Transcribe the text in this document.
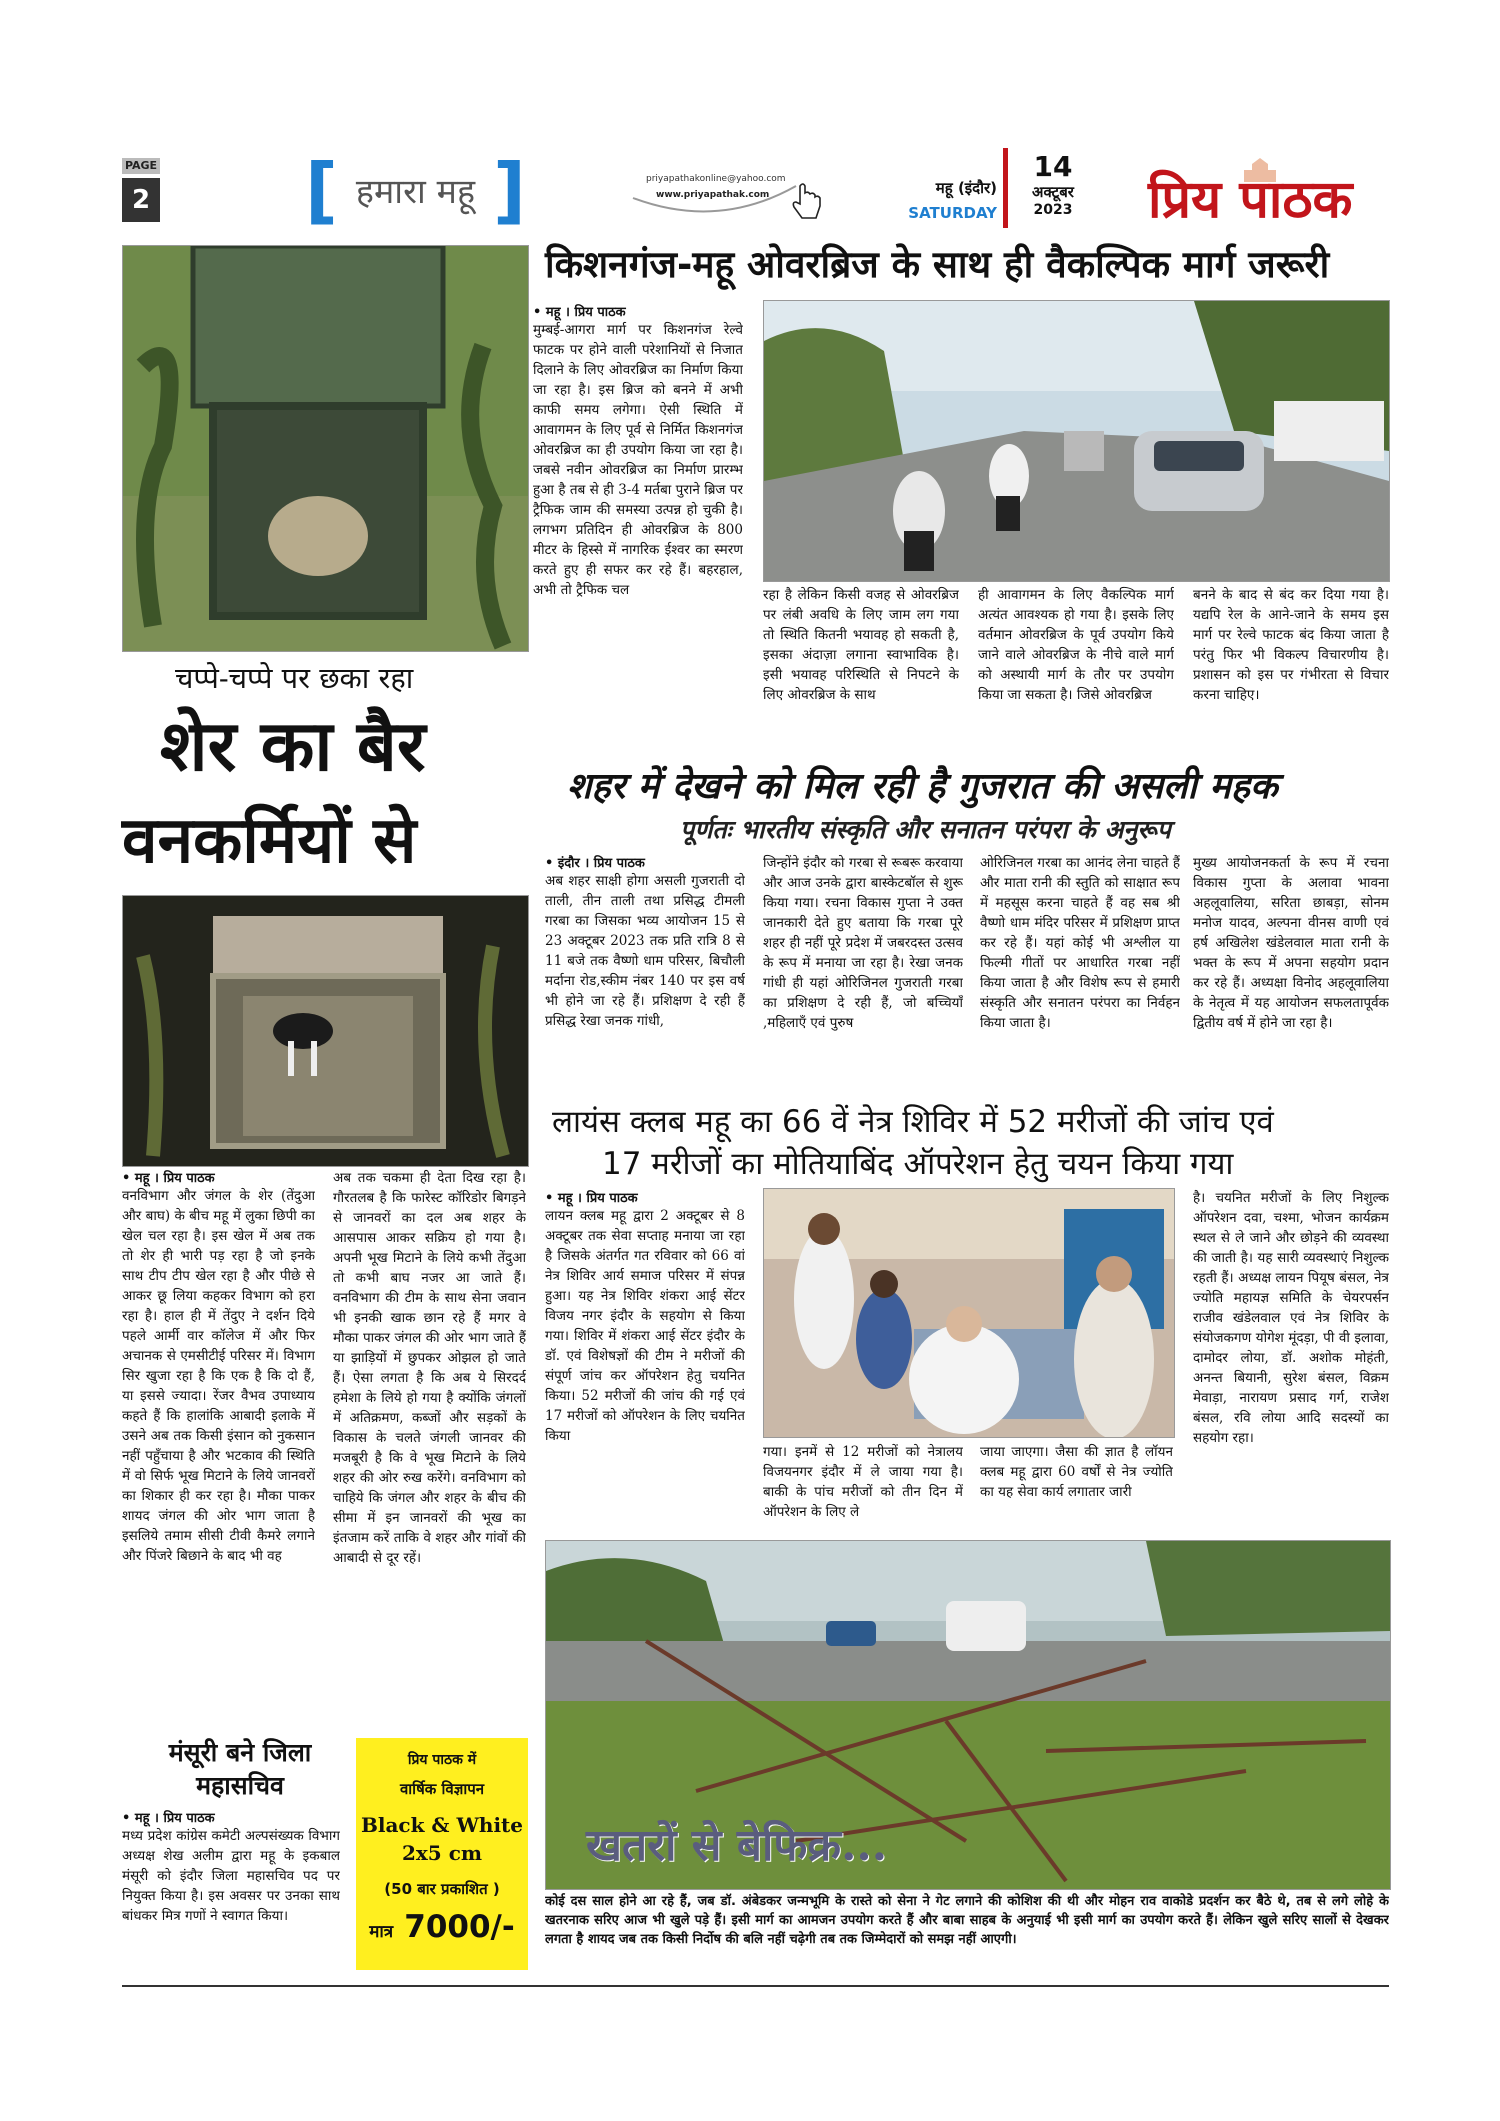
PAGE
2 [ हमारा महू ]	priyapathakonline@yahoo.com
www.priyapathak.com	महू (इंदौर)
SATURDAY
14
अक्टूबर
2023 प्रिय पाठक
किशनगंज-महू ओवरब्रिज के साथ ही वैकल्पिक मार्ग जरूरी
• महू । प्रिय पाठक
मुम्बई-आगरा मार्ग पर किशनगंज रेल्वे फाटक पर होने वाली परेशानियों से निजात दिलाने के लिए ओवरब्रिज का निर्माण किया जा रहा है। इस ब्रिज को बनने में अभी काफी समय लगेगा। ऐसी स्थिति में आवागमन के लिए पूर्व से निर्मित किशनगंज ओवरब्रिज का ही उपयोग किया जा रहा है। जबसे नवीन ओवरब्रिज का निर्माण प्रारम्भ हुआ है तब से ही 3-4 मर्तबा पुराने ब्रिज पर ट्रैफिक जाम की समस्या उत्पन्न हो चुकी है। लगभग प्रतिदिन ही ओवरब्रिज के 800 मीटर के हिस्से में नागरिक ईश्वर का स्मरण करते हुए ही सफर कर रहे हैं। बहरहाल, अभी तो ट्रैफिक चल	रहा है लेकिन किसी वजह से ओवरब्रिज पर लंबी अवधि के लिए जाम लग गया तो स्थिति कितनी भयावह हो सकती है, इसका अंदाज़ा लगाना स्वाभाविक है। इसी भयावह परिस्थिति से निपटने के लिए ओवरब्रिज के साथ
ही आवागमन के लिए वैकल्पिक मार्ग अत्यंत आवश्यक हो गया है। इसके लिए वर्तमान ओवरब्रिज के पूर्व उपयोग किये जाने वाले ओवरब्रिज के नीचे वाले मार्ग को अस्थायी मार्ग के तौर पर उपयोग किया जा सकता है। जिसे ओवरब्रिज
बनने के बाद से बंद कर दिया गया है। यद्यपि रेल के आने-जाने के समय इस मार्ग पर रेल्वे फाटक बंद किया जाता है परंतु फिर भी विकल्प विचारणीय है। प्रशासन को इस पर गंभीरता से विचार करना चाहिए।
चप्पे-चप्पे पर छका रहा
शेर का बैर
वनकर्मियों से
• महू । प्रिय पाठक
वनविभाग और जंगल के शेर (तेंदुआ और बाघ) के बीच महू में लुका छिपी का खेल चल रहा है। इस खेल में अब तक तो शेर ही भारी पड़ रहा है जो इनके साथ टीप टीप खेल रहा है और पीछे से आकर छू लिया कहकर विभाग को हरा रहा है। हाल ही में तेंदुए ने दर्शन दिये पहले आर्मी वार कॉलेज में और फिर अचानक से एमसीटीई परिसर में। विभाग सिर खुजा रहा है कि एक है कि दो हैं, या इससे ज्यादा। रेंजर वैभव उपाध्याय कहते हैं कि हालांकि आबादी इलाके में उसने अब तक किसी इंसान को नुकसान नहीं पहुँचाया है और भटकाव की स्थिति में वो सिर्फ भूख मिटाने के लिये जानवरों का शिकार ही कर रहा है। मौका पाकर शायद जंगल की ओर भाग जाता है इसलिये तमाम सीसी टीवी कैमरे लगाने और पिंजरे बिछाने के बाद भी वह
अब तक चकमा ही देता दिख रहा है। गौरतलब है कि फारेस्ट कॉरिडोर बिगड़ने से जानवरों का दल अब शहर के आसपास आकर सक्रिय हो गया है। अपनी भूख मिटाने के लिये कभी तेंदुआ तो कभी बाघ नजर आ जाते हैं। वनविभाग की टीम के साथ सेना जवान भी इनकी खाक छान रहे हैं मगर वे मौका पाकर जंगल की ओर भाग जाते हैं या झाड़ियों में छुपकर ओझल हो जाते हैं। ऐसा लगता है कि अब ये सिरदर्द हमेशा के लिये हो गया है क्योंकि जंगलों में अतिक्रमण, कब्जों और सड़कों के विकास के चलते जंगली जानवर की मजबूरी है कि वे भूख मिटाने के लिये शहर की ओर रुख करेंगे। वनविभाग को चाहिये कि जंगल और शहर के बीच की सीमा में इन जानवरों की भूख का इंतजाम करें ताकि वे शहर और गांवों की आबादी से दूर रहें।
शहर में देखने को मिल रही है गुजरात की असली महक
पूर्णतः भारतीय संस्कृति और सनातन परंपरा के अनुरूप
• इंदौर । प्रिय पाठक
अब शहर साक्षी होगा असली गुजराती दो ताली, तीन ताली तथा प्रसिद्ध टीमली गरबा का जिसका भव्य आयोजन 15 से 23 अक्टूबर 2023 तक प्रति रात्रि 8 से 11 बजे तक वैष्णो धाम परिसर, बिचौली मर्दाना रोड,स्कीम नंबर 140 पर इस वर्ष भी होने जा रहे हैं। प्रशिक्षण दे रही हैं प्रसिद्ध रेखा जनक गांधी,
जिन्होंने इंदौर को गरबा से रूबरू करवाया और आज उनके द्वारा बास्केटबॉल से शुरू किया गया। रचना विकास गुप्ता ने उक्त जानकारी देते हुए बताया कि गरबा पूरे शहर ही नहीं पूरे प्रदेश में जबरदस्त उत्सव के रूप में मनाया जा रहा है। रेखा जनक गांधी ही यहां ओरिजिनल गुजराती गरबा का प्रशिक्षण दे रही हैं, जो बच्चियाँ ,महिलाएँ एवं पुरुष
ओरिजिनल गरबा का आनंद लेना चाहते हैं और माता रानी की स्तुति को साक्षात रूप में महसूस करना चाहते हैं वह सब श्री वैष्णो धाम मंदिर परिसर में प्रशिक्षण प्राप्त कर रहे हैं। यहां कोई भी अश्लील या फिल्मी गीतों पर आधारित गरबा नहीं किया जाता है और विशेष रूप से हमारी संस्कृति और सनातन परंपरा का निर्वहन किया जाता है।
मुख्य आयोजनकर्ता के रूप में रचना विकास गुप्ता के अलावा भावना अहलूवालिया, सरिता छाबड़ा, सोनम मनोज यादव, अल्पना वीनस वाणी एवं हर्ष अखिलेश खंडेलवाल माता रानी के भक्त के रूप में अपना सहयोग प्रदान कर रहे हैं। अध्यक्षा विनोद अहलूवालिया के नेतृत्व में यह आयोजन सफलतापूर्वक द्वितीय वर्ष में होने जा रहा है।
लायंस क्लब महू का 66 वें नेत्र शिविर में 52 मरीजों की जांच एवं
17 मरीजों का मोतियाबिंद ऑपरेशन हेतु चयन किया गया
• महू । प्रिय पाठक
लायन क्लब महू द्वारा 2 अक्टूबर से 8 अक्टूबर तक सेवा सप्ताह मनाया जा रहा है जिसके अंतर्गत गत रविवार को 66 वां नेत्र शिविर आर्य समाज परिसर में संपन्न हुआ। यह नेत्र शिविर शंकरा आई सेंटर विजय नगर इंदौर के सहयोग से किया गया। शिविर में शंकरा आई सेंटर इंदौर के डॉ. एवं विशेषज्ञों की टीम ने मरीजों की संपूर्ण जांच कर ऑपरेशन हेतु चयनित किया। 52 मरीजों की जांच की गई एवं 17 मरीजों को ऑपरेशन के लिए चयनित किया
गया। इनमें से 12 मरीजों को नेत्रालय विजयनगर इंदौर में ले जाया गया है। बाकी के पांच मरीजों को तीन दिन में ऑपरेशन के लिए ले
जाया जाएगा। जैसा की ज्ञात है लॉयन क्लब महू द्वारा 60 वर्षों से नेत्र ज्योति का यह सेवा कार्य लगातार जारी
है। चयनित मरीजों के लिए निशुल्क ऑपरेशन दवा, चश्मा, भोजन कार्यक्रम स्थल से ले जाने और छोड़ने की व्यवस्था की जाती है। यह सारी व्यवस्थाएं निशुल्क रहती हैं। अध्यक्ष लायन पियूष बंसल, नेत्र ज्योति महायज्ञ समिति के चेयरपर्सन राजीव खंडेलवाल एवं नेत्र शिविर के संयोजकगण योगेश मूंदड़ा, पी वी इलावा, दामोदर लोया, डॉ. अशोक मोहंती, अनन्त बियानी, सुरेश बंसल, विक्रम मेवाड़ा, नारायण प्रसाद गर्ग, राजेश बंसल, रवि लोया आदि सदस्यों का सहयोग रहा।
मंसूरी बने जिला
महासचिव
• महू । प्रिय पाठक
मध्य प्रदेश कांग्रेस कमेटी अल्पसंख्यक विभाग अध्यक्ष शेख अलीम द्वारा महू के इकबाल मंसूरी को इंदौर जिला महासचिव पद पर नियुक्त किया है। इस अवसर पर उनका साथ बांधकर मित्र गणों ने स्वागत किया।
प्रिय पाठक में
वार्षिक विज्ञापन
Black & White
2x5 cm
(50 बार प्रकाशित )
मात्र 7000/-
खतरों से बेफिक्र...
कोई दस साल होने आ रहे हैं, जब डॉ. अंबेडकर जन्मभूमि के रास्ते को सेना ने गेट लगाने की कोशिश की थी और मोहन राव वाकोडे प्रदर्शन कर बैठे थे, तब से लगे लोहे के खतरनाक सरिए आज भी खुले पड़े हैं। इसी मार्ग का आमजन उपयोग करते हैं और बाबा साहब के अनुयाई भी इसी मार्ग का उपयोग करते हैं। लेकिन खुले सरिए सालों से देखकर लगता है शायद जब तक किसी निर्दोष की बलि नहीं चढ़ेगी तब तक जिम्मेदारों को समझ नहीं आएगी।
